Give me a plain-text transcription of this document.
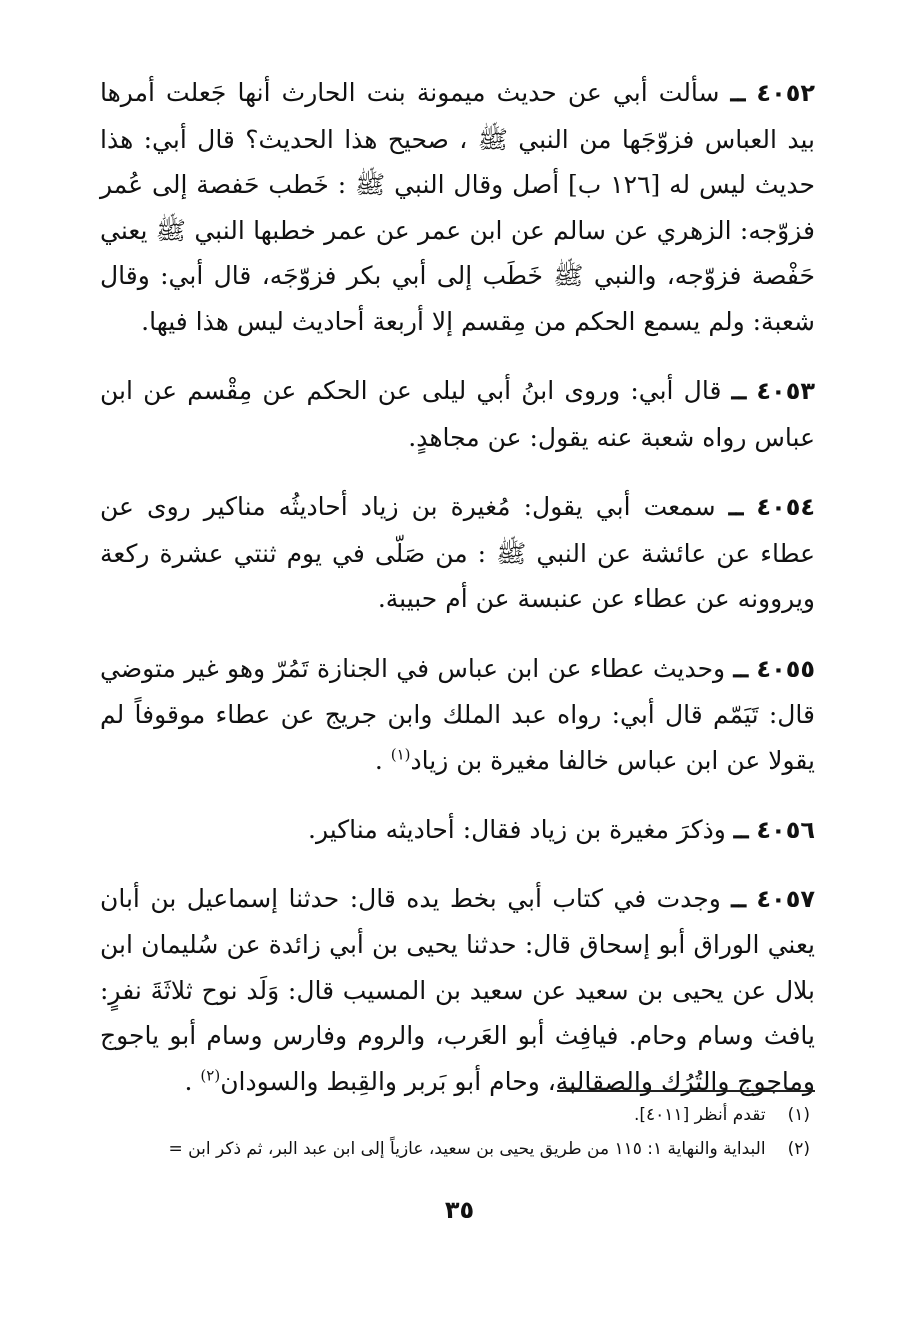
٤٠٥٢ ــ سألت أبي عن حديث ميمونة بنت الحارث أنها جَعلت أمرها بيد العباس فزوّجَها من النبي ﷺ ، صحيح هذا الحديث؟ قال أبي: هذا حديث ليس له [١٢٦ ب] أصل وقال النبي ﷺ : خَطب حَفصة إلى عُمر فزوّجه: الزهري عن سالم عن ابن عمر عن عمر خطبها النبي ﷺ يعني حَفْصة فزوّجه، والنبي ﷺ خَطَب إلى أبي بكر فزوّجَه، قال أبي: وقال شعبة: ولم يسمع الحكم من مِقسم إلا أربعة أحاديث ليس هذا فيها.

٤٠٥٣ ــ قال أبي: وروى ابنُ أبي ليلى عن الحكم عن مِقْسم عن ابن عباس رواه شعبة عنه يقول: عن مجاهدٍ.

٤٠٥٤ ــ سمعت أبي يقول: مُغيرة بن زياد أحاديثُه مناكير روى عن عطاء عن عائشة عن النبي ﷺ : من صَلّى في يوم ثنتي عشرة ركعة ويروونه عن عطاء عن عنبسة عن أم حبيبة.

٤٠٥٥ ــ وحديث عطاء عن ابن عباس في الجنازة تَمُرّ وهو غير متوضي قال: تَيَمّم قال أبي: رواه عبد الملك وابن جريج عن عطاء موقوفاً لم يقولا عن ابن عباس خالفا مغيرة بن زياد$^{(١)}$ .

٤٠٥٦ ــ وذكرَ مغيرة بن زياد فقال: أحاديثه مناكير.

٤٠٥٧ ــ وجدت في كتاب أبي بخط يده قال: حدثنا إسماعيل بن أبان يعني الوراق أبو إسحاق قال: حدثنا يحيى بن أبي زائدة عن سُليمان ابن بلال عن يحيى بن سعيد عن سعيد بن المسيب قال: وَلَد نوح ثلاثَةَ نفرٍ: يافث وسام وحام. فيافِث أبو العَرب، والروم وفارس وسام أبو ياجوج وماجوج والتُرُك والصقالبة، وحام أبو بَربر والقِبط والسودان$^{(٢)}$ .

(١)تقدم أنظر [٤٠١١].
(٢)البداية والنهاية ١: ١١٥ من طريق يحيى بن سعيد، عازياً إلى ابن عبد البر، ثم ذكر ابن =
٣٥
